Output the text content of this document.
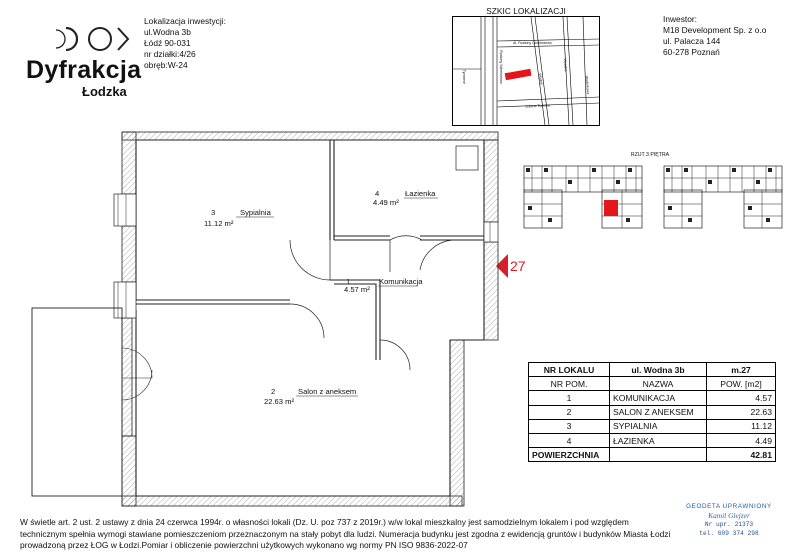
Dyfrakcja
Łodzka
Lokalizacja inwestycji:
ul.Wodna 3b
Łódź 90-031
nr działki:4/26
obręb:W-24
SZKIC LOKALIZACJI
Al. Rodziny Grohmanów
Rodziny Scheiblerów
Tymienie	Wodna
Wysoka
Juliana Tuwima
Wodnikowa
Inwestor:
M18 Development Sp. z o.o
ul. Palacza 144
60-278 Poznań
RZUT 3 PIĘTRA
27
3	Sypialnia
11.12 m²
4	Łazienka
4.49 m²
1	Komunikacja
4.57 m²
2	Salon z aneksem
22.63 m²
NR LOKALU	ul. Wodna 3b	m.27
NR POM.	NAZWA	POW. [m2]
1	KOMUNIKACJA	4.57
2	SALON Z ANEKSEM	22.63
3	SYPIALNIA	11.12
4	ŁAZIENKA	4.49
POWIERZCHNIA		42.81
GEODETA UPRAWNIONY
Kamil Glejzer
Nr upr. 21373
tel. 609 374 298
W świetle art. 2 ust. 2 ustawy z dnia 24 czerwca 1994r. o własności lokali (Dz. U. poz 737 z 2019r.) w/w lokal mieszkalny jest samodzielnym lokalem i pod względem technicznym spełnia wymogi stawiane pomieszczeniom przeznaczonym na stały pobyt dla ludzi. Numeracja budynku jest zgodna z ewidencją gruntów i budynków Miasta Łodzi prowadzoną przez ŁOG w Łodzi.Pomiar i obliczenie powierzchni użytkowych wykonano wg normy PN ISO 9836-2022-07
